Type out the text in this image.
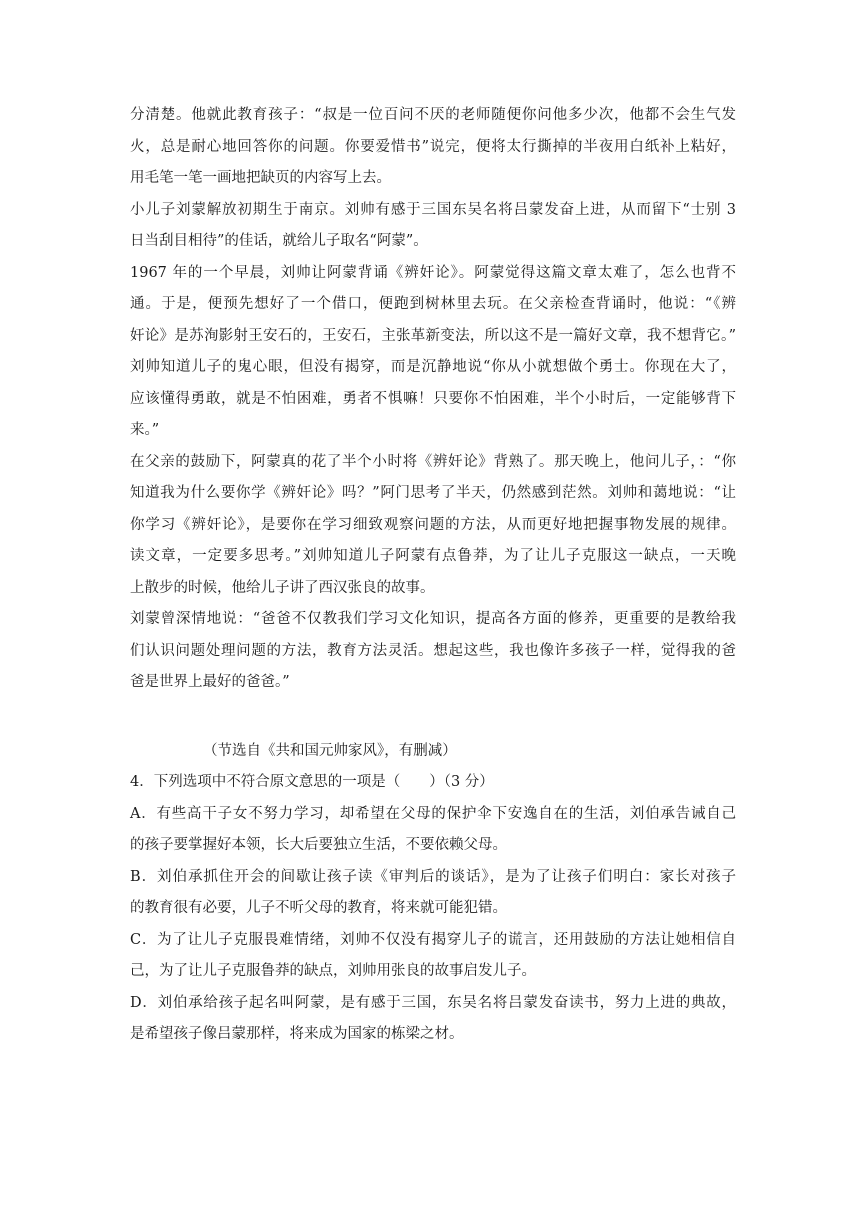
分清楚。他就此教育孩子：“叔是一位百问不厌的老师随便你问他多少次，他都不会生气发
火，总是耐心地回答你的问题。你要爱惜书”说完，便将太行撕掉的半夜用白纸补上粘好，
用毛笔一笔一画地把缺页的内容写上去。
小儿子刘蒙解放初期生于南京。刘帅有感于三国东吴名将吕蒙发奋上进，从而留下“士别 3
日当刮目相待”的佳话，就给儿子取名“阿蒙”。
1967 年的一个早晨，刘帅让阿蒙背诵《辨奸论》。阿蒙觉得这篇文章太难了，怎么也背不
通。于是，便预先想好了一个借口，便跑到树林里去玩。在父亲检查背诵时，他说：“《辨
奸论》是苏洵影射王安石的，王安石，主张革新变法，所以这不是一篇好文章，我不想背它。”
刘帅知道儿子的鬼心眼，但没有揭穿，而是沉静地说“你从小就想做个勇士。你现在大了，
应该懂得勇敢，就是不怕困难，勇者不惧嘛！只要你不怕困难，半个小时后，一定能够背下
来。”
在父亲的鼓励下，阿蒙真的花了半个小时将《辨奸论》背熟了。那天晚上，他问儿子，：“你
知道我为什么要你学《辨奸论》吗？”阿门思考了半天，仍然感到茫然。刘帅和蔼地说：“让
你学习《辨奸论》，是要你在学习细致观察问题的方法，从而更好地把握事物发展的规律。
读文章，一定要多思考。”刘帅知道儿子阿蒙有点鲁莽，为了让儿子克服这一缺点，一天晚
上散步的时候，他给儿子讲了西汉张良的故事。
刘蒙曾深情地说：“爸爸不仅教我们学习文化知识，提高各方面的修养，更重要的是教给我
们认识问题处理问题的方法，教育方法灵活。想起这些，我也像许多孩子一样，觉得我的爸
爸是世界上最好的爸爸。”

（节选自《共和国元帅家风》，有删减）

4．下列选项中不符合原文意思的一项是（　　）（3 分）

A．有些高干子女不努力学习，却希望在父母的保护伞下安逸自在的生活，刘伯承告诫自己
的孩子要掌握好本领，长大后要独立生活，不要依赖父母。
B．刘伯承抓住开会的间歇让孩子读《审判后的谈话》，是为了让孩子们明白：家长对孩子
的教育很有必要，儿子不听父母的教育，将来就可能犯错。
C．为了让儿子克服畏难情绪，刘帅不仅没有揭穿儿子的谎言，还用鼓励的方法让她相信自
己，为了让儿子克服鲁莽的缺点，刘帅用张良的故事启发儿子。
D．刘伯承给孩子起名叫阿蒙，是有感于三国，东吴名将吕蒙发奋读书，努力上进的典故，
是希望孩子像吕蒙那样，将来成为国家的栋梁之材。
